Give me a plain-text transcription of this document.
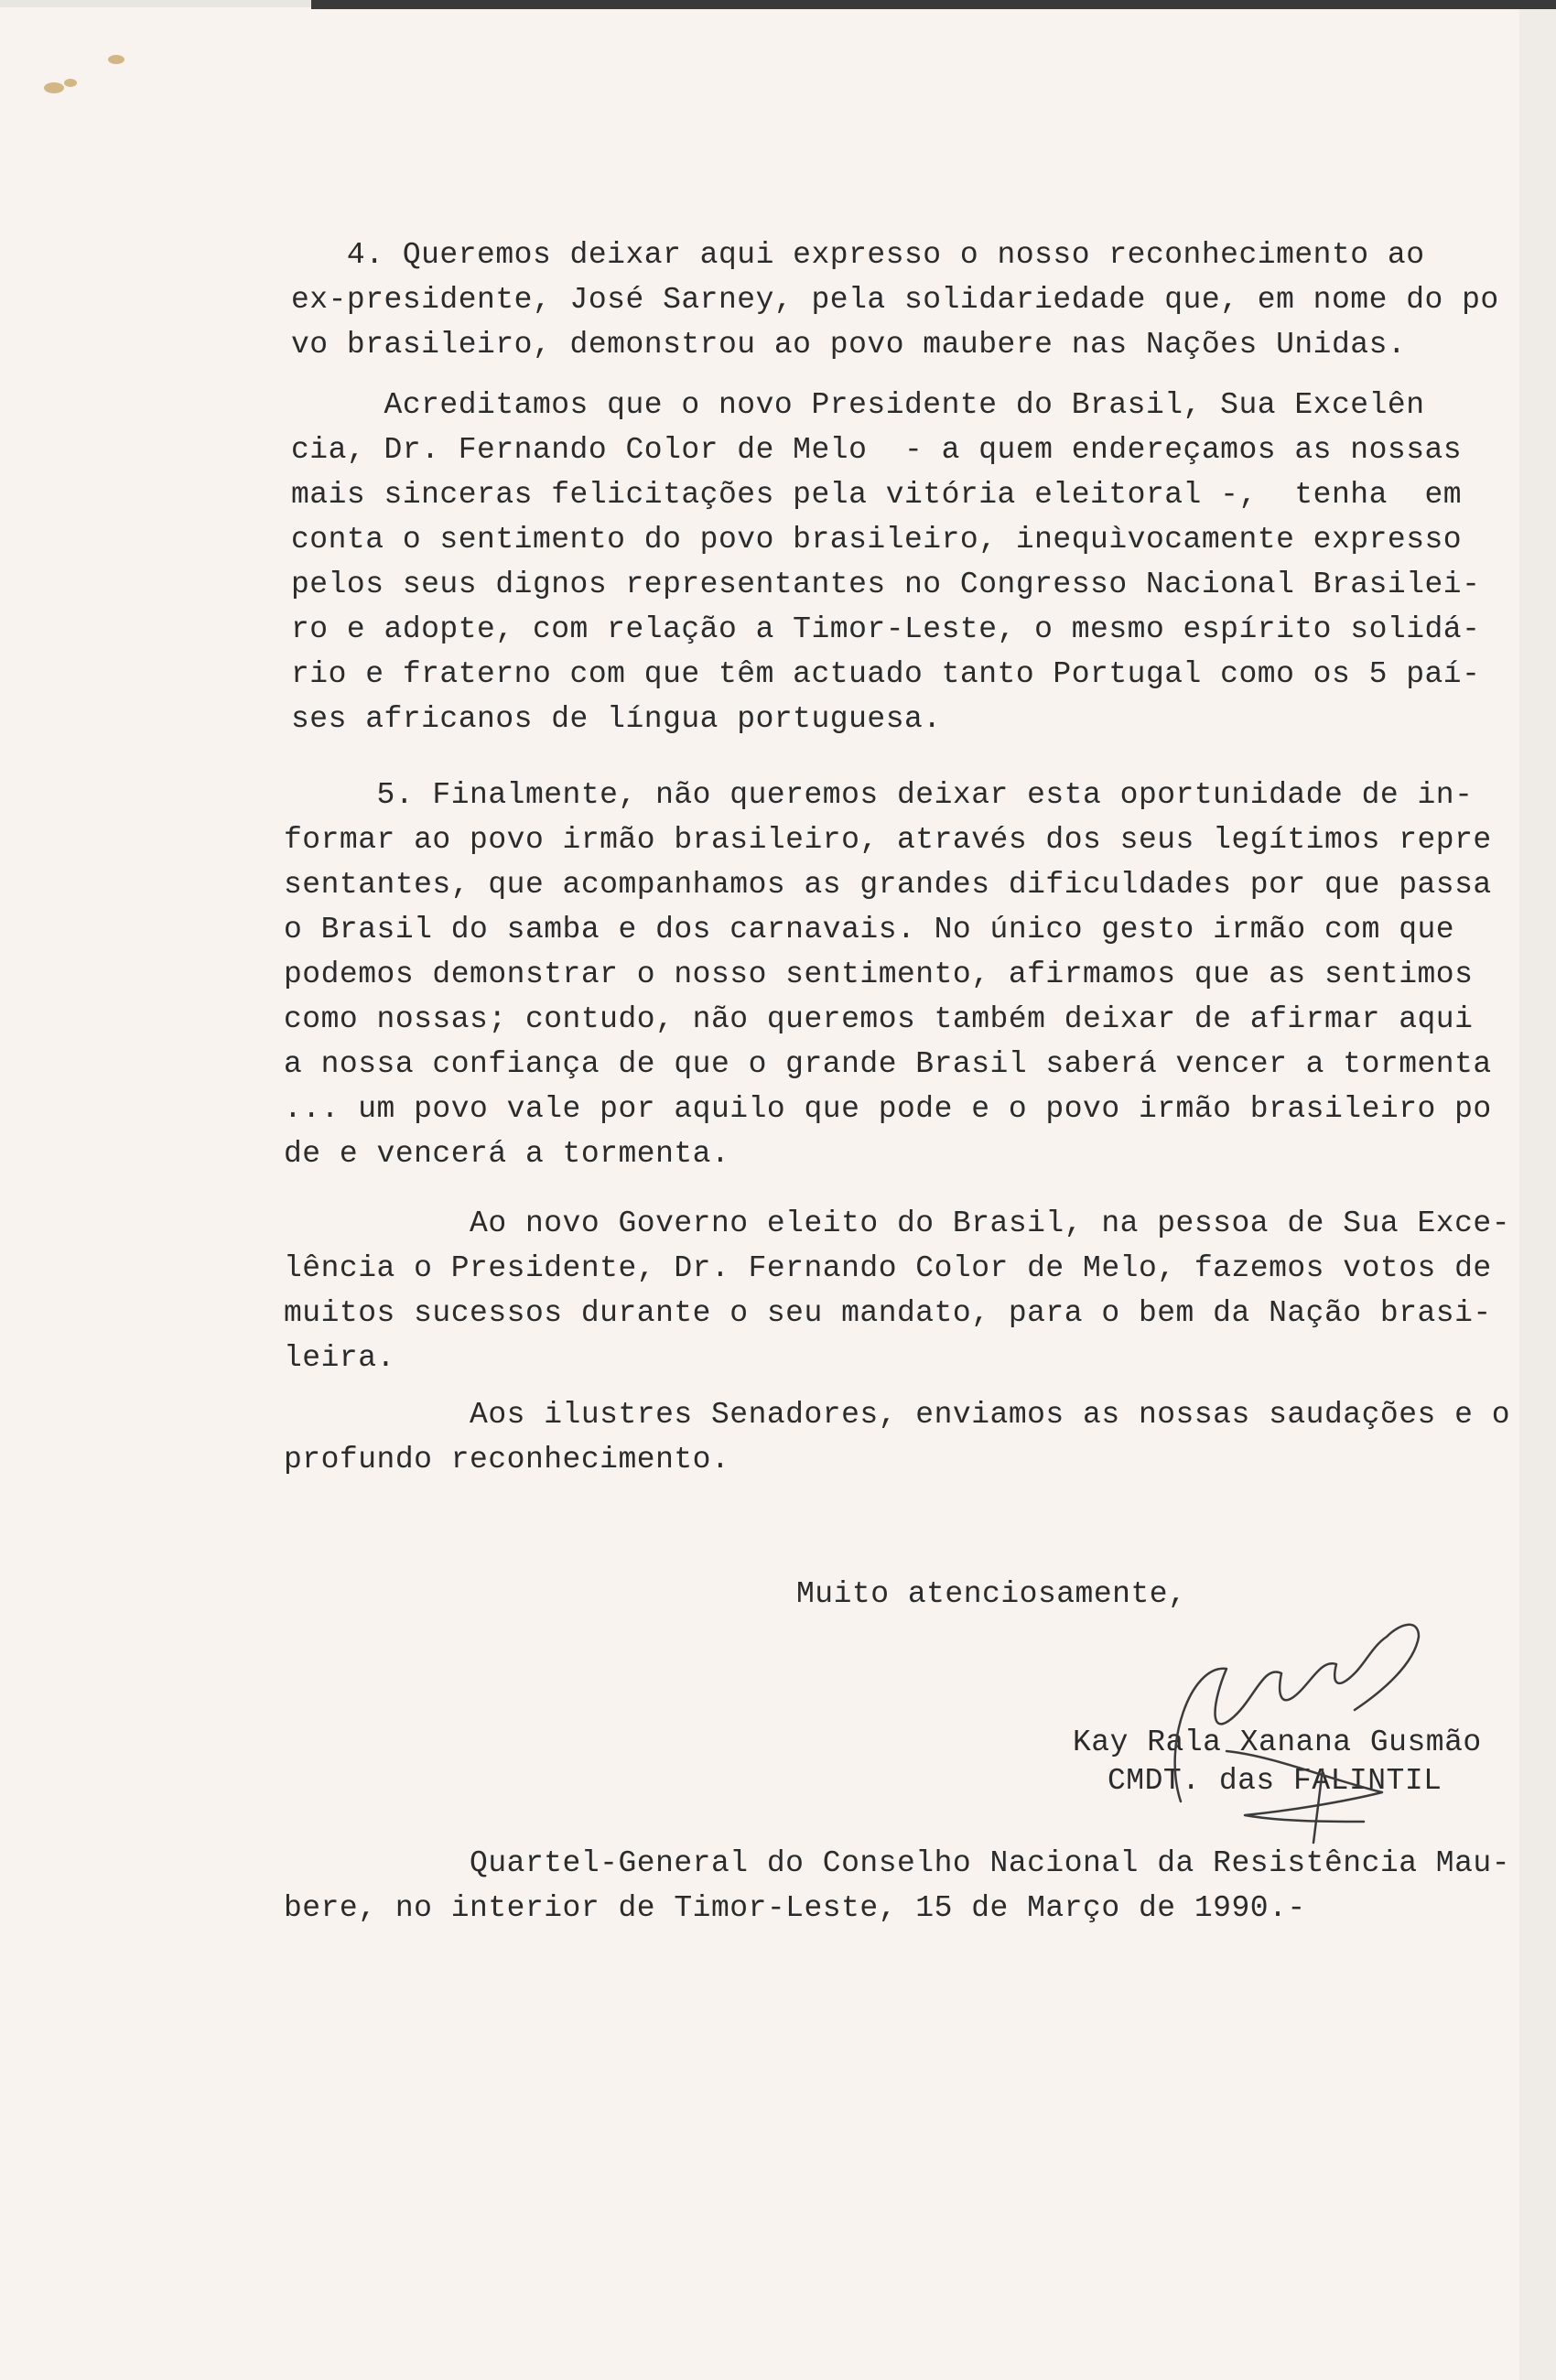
4. Queremos deixar aqui expresso o nosso reconhecimento ao
ex-presidente, José Sarney, pela solidariedade que, em nome do po
vo brasileiro, demonstrou ao povo maubere nas Nações Unidas.

Acreditamos que o novo Presidente do Brasil, Sua Excelên
cia, Dr. Fernando Color de Melo  - a quem endereçamos as nossas
mais sinceras felicitações pela vitória eleitoral -,  tenha  em
conta o sentimento do povo brasileiro, inequìvocamente expresso
pelos seus dignos representantes no Congresso Nacional Brasilei-
ro e adopte, com relação a Timor-Leste, o mesmo espírito solidá-
rio e fraterno com que têm actuado tanto Portugal como os 5 paí-
ses africanos de língua portuguesa.

5. Finalmente, não queremos deixar esta oportunidade de in-
formar ao povo irmão brasileiro, através dos seus legítimos repre
sentantes, que acompanhamos as grandes dificuldades por que passa
o Brasil do samba e dos carnavais. No único gesto irmão com que
podemos demonstrar o nosso sentimento, afirmamos que as sentimos
como nossas; contudo, não queremos também deixar de afirmar aqui
a nossa confiança de que o grande Brasil saberá vencer a tormenta
... um povo vale por aquilo que pode e o povo irmão brasileiro po
de e vencerá a tormenta.

Ao novo Governo eleito do Brasil, na pessoa de Sua Exce-
lência o Presidente, Dr. Fernando Color de Melo, fazemos votos de
muitos sucessos durante o seu mandato, para o bem da Nação brasi-
leira.

Aos ilustres Senadores, enviamos as nossas saudações e o
profundo reconhecimento.

Muito atenciosamente,

Kay Rala Xanana Gusmão

CMDT. das FALINTIL

Quartel-General do Conselho Nacional da Resistência Mau-
bere, no interior de Timor-Leste, 15 de Março de 1990.-
